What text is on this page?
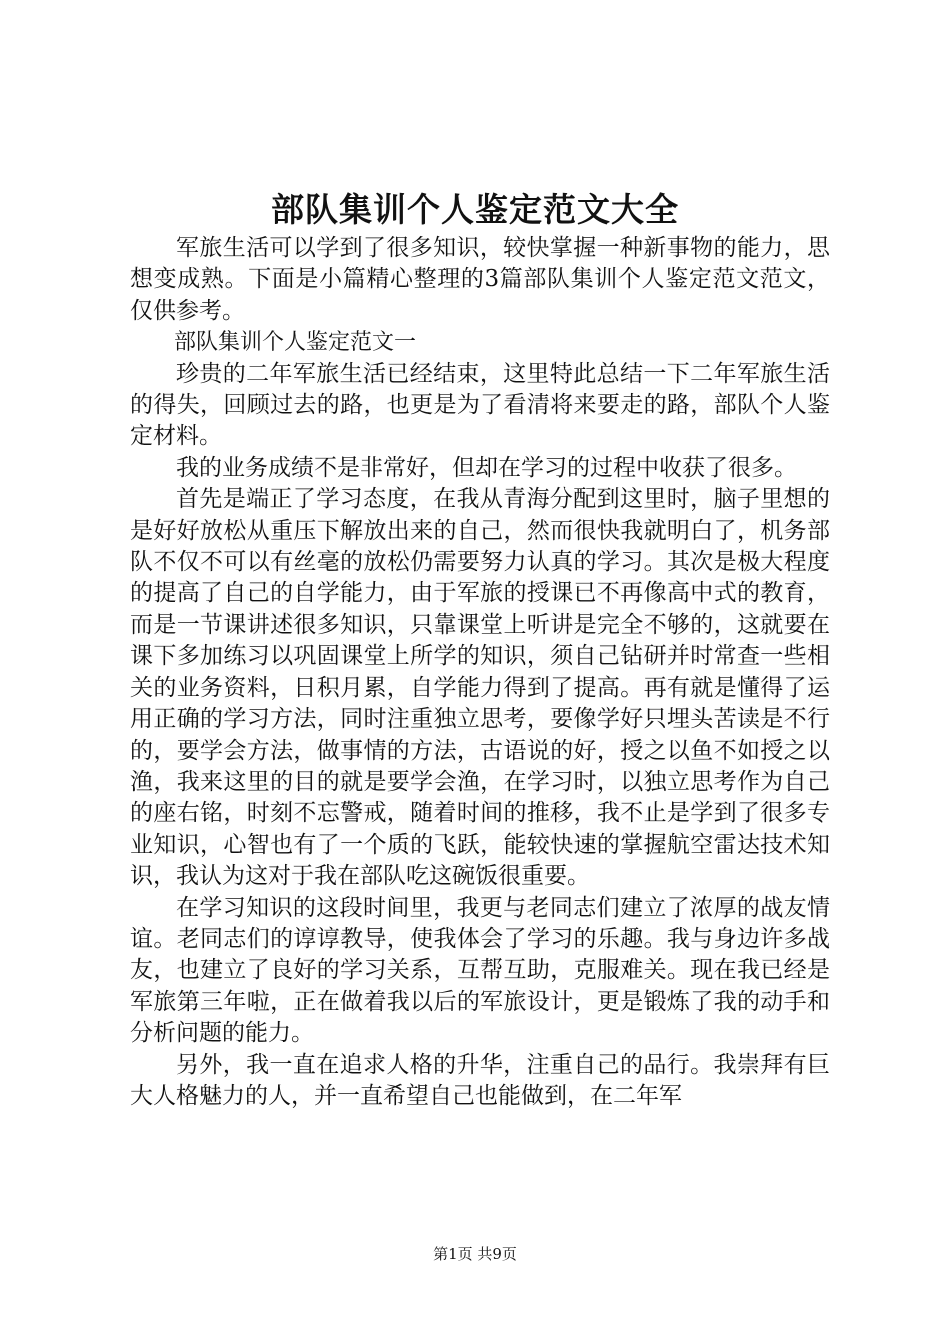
部队集训个人鉴定范文大全

军旅生活可以学到了很多知识，较快掌握一种新事物的能力，思想变成熟。下面是小篇精心整理的3篇部队集训个人鉴定范文范文，仅供参考。

部队集训个人鉴定范文一

珍贵的二年军旅生活已经结束，这里特此总结一下二年军旅生活的得失，回顾过去的路，也更是为了看清将来要走的路，部队个人鉴定材料。

我的业务成绩不是非常好，但却在学习的过程中收获了很多。

首先是端正了学习态度，在我从青海分配到这里时，脑子里想的是好好放松从重压下解放出来的自己，然而很快我就明白了，机务部队不仅不可以有丝毫的放松仍需要努力认真的学习。其次是极大程度的提高了自己的自学能力，由于军旅的授课已不再像高中式的教育，而是一节课讲述很多知识，只靠课堂上听讲是完全不够的，这就要在课下多加练习以巩固课堂上所学的知识，须自己钻研并时常查一些相关的业务资料，日积月累，自学能力得到了提高。再有就是懂得了运用正确的学习方法，同时注重独立思考，要像学好只埋头苦读是不行的，要学会方法，做事情的方法，古语说的好，授之以鱼不如授之以渔，我来这里的目的就是要学会渔，在学习时，以独立思考作为自己的座右铭，时刻不忘警戒，随着时间的推移，我不止是学到了很多专业知识，心智也有了一个质的飞跃，能较快速的掌握航空雷达技术知识，我认为这对于我在部队吃这碗饭很重要。

在学习知识的这段时间里，我更与老同志们建立了浓厚的战友情谊。老同志们的谆谆教导，使我体会了学习的乐趣。我与身边许多战友，也建立了良好的学习关系，互帮互助，克服难关。现在我已经是军旅第三年啦，正在做着我以后的军旅设计，更是锻炼了我的动手和分析问题的能力。

另外，我一直在追求人格的升华，注重自己的品行。我崇拜有巨大人格魅力的人，并一直希望自己也能做到，在二年军

第1页 共9页
